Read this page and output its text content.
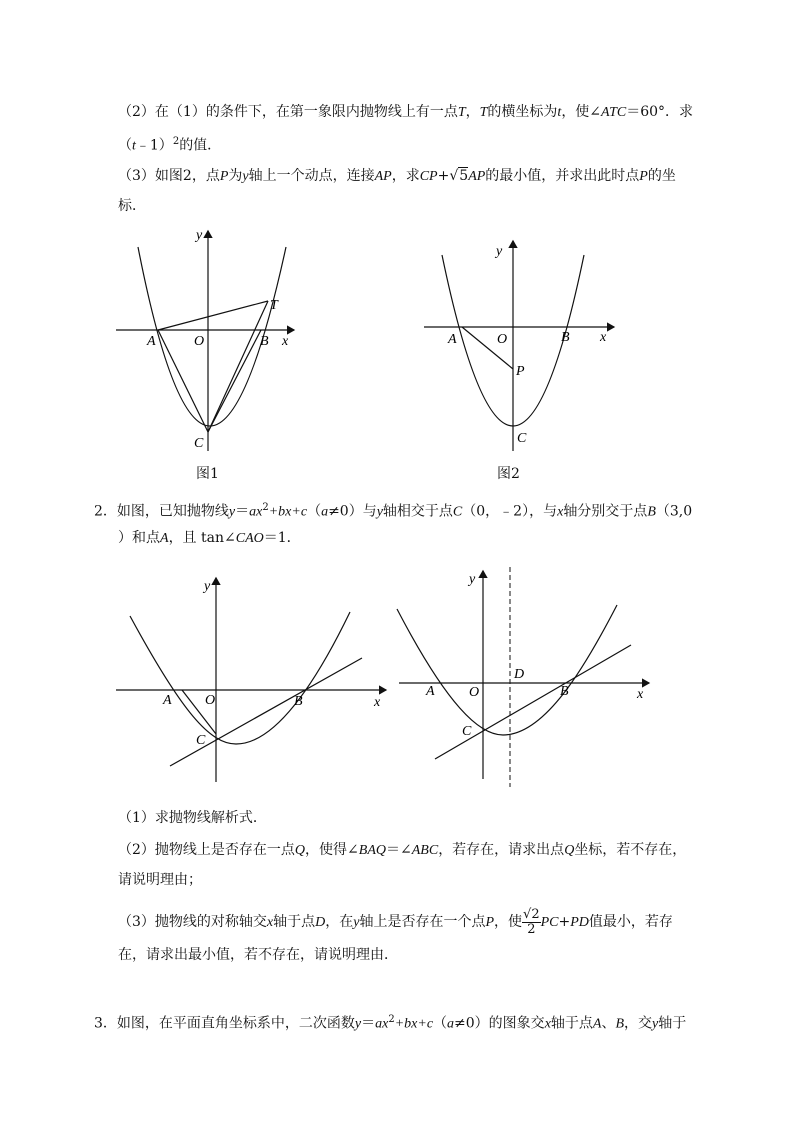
（2）在（1）的条件下，在第一象限内抛物线上有一点T，T的横坐标为t，使∠ATC＝60°．求
（t﹣1）$^2$的值．
（3）如图2，点P为y轴上一个动点，连接AP，求CP+√5AP的最小值，并求出此时点P的坐
标．
y
x
A	O	B
T
C
图1
y
x
A	O	B
P
C
图2
2．如图，已知抛物线$y=ax^2+bx+c(a\ne 0)$与y轴相交于点C（0，﹣2），与x轴分别交于点B（3,0
）和点A，且 tan∠CAO＝1．
y
x
A O	B
C
y
x
A O
D
B
C
（1）求抛物线解析式．
（2）抛物线上是否存在一点Q，使得∠BAQ＝∠ABC，若存在，请求出点Q坐标，若不存在，
请说明理由；
（3）抛物线的对称轴交x轴于点D，在y轴上是否存在一个点P，使 $\frac{√2}{2} PC+PD$值最小，若存
在，请求出最小值，若不存在，请说明理由．
3．如图，在平面直角坐标系中，二次函数$y=ax^2+bx+c(a\ne 0)$的图象交x轴于点A、B，交y轴于
